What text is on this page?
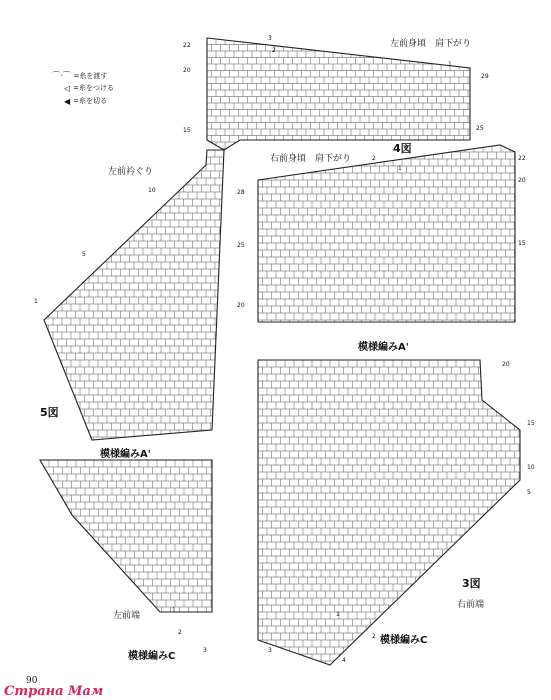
⌒·⌒ =糸を渡す
◁ =糸をつける
◀ =糸を切る
左前身頃　肩下がり
右前身頃　肩下がり
左前衿ぐり
模様編みA'
模様編みA'
左前端
右前端
模様編みC
模様編みC
4図
5図
3図
22
20
15
1
29
25
3
2
22
20
15
28
25
20
2
1
10
5
1
20
15
10
5
1
2
3
1
2
3
4
90
Страна Мам
